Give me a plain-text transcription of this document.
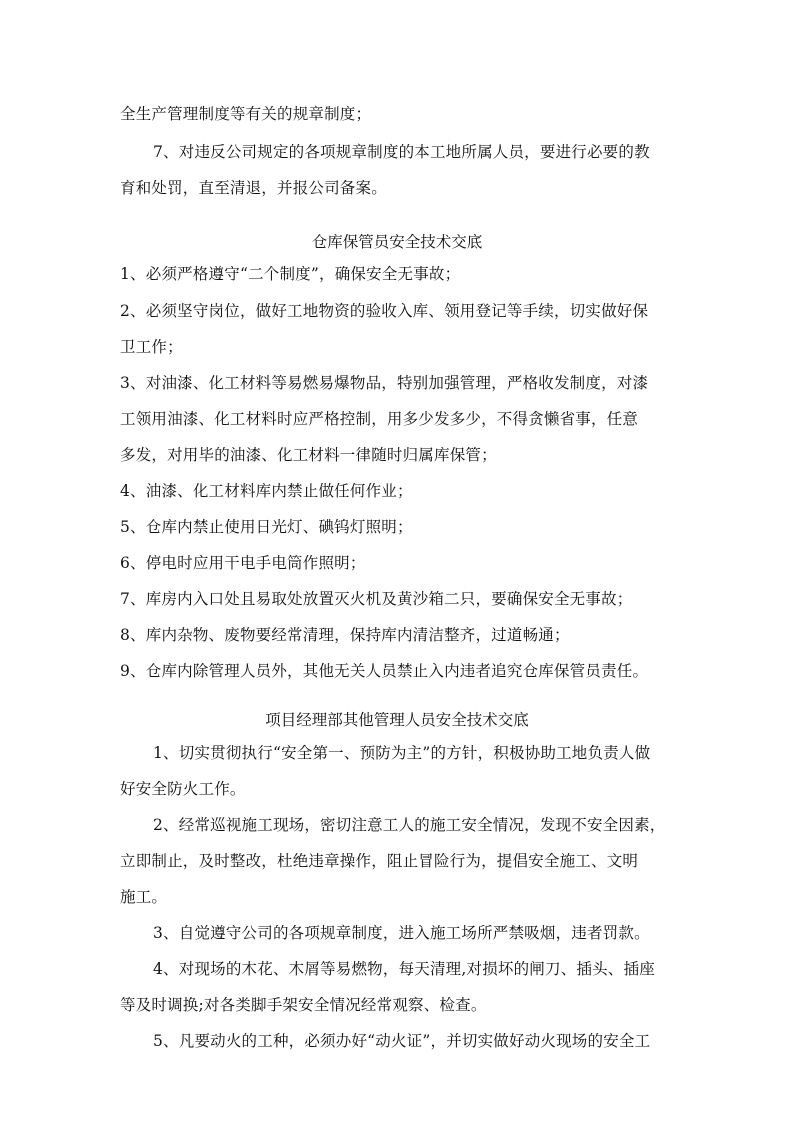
全生产管理制度等有关的规章制度；
7、对违反公司规定的各项规章制度的本工地所属人员，要进行必要的教
育和处罚，直至清退，并报公司备案。
仓库保管员安全技术交底
1、必须严格遵守“二个制度”，确保安全无事故；
2、必须坚守岗位，做好工地物资的验收入库、领用登记等手续，切实做好保
卫工作；
3、对油漆、化工材料等易燃易爆物品，特别加强管理，严格收发制度，对漆
工领用油漆、化工材料时应严格控制，用多少发多少，不得贪懒省事，任意
多发，对用毕的油漆、化工材料一律随时归属库保管；
4、油漆、化工材料库内禁止做任何作业；
5、仓库内禁止使用日光灯、碘钨灯照明；
6、停电时应用干电手电筒作照明；
7、库房内入口处且易取处放置灭火机及黄沙箱二只，要确保安全无事故；
8、库内杂物、废物要经常清理，保持库内清洁整齐，过道畅通；
9、仓库内除管理人员外，其他无关人员禁止入内违者追究仓库保管员责任。
项目经理部其他管理人员安全技术交底
1、切实贯彻执行“安全第一、预防为主”的方针，积极协助工地负责人做
好安全防火工作。
2、经常巡视施工现场，密切注意工人的施工安全情况，发现不安全因素，
立即制止，及时整改，杜绝违章操作，阻止冒险行为，提倡安全施工、文明
施工。
3、自觉遵守公司的各项规章制度，进入施工场所严禁吸烟，违者罚款。
4、对现场的木花、木屑等易燃物，每天清理,对损坏的闸刀、插头、插座
等及时调换;对各类脚手架安全情况经常观察、检查。
5、凡要动火的工种，必须办好“动火证”，并切实做好动火现场的安全工
